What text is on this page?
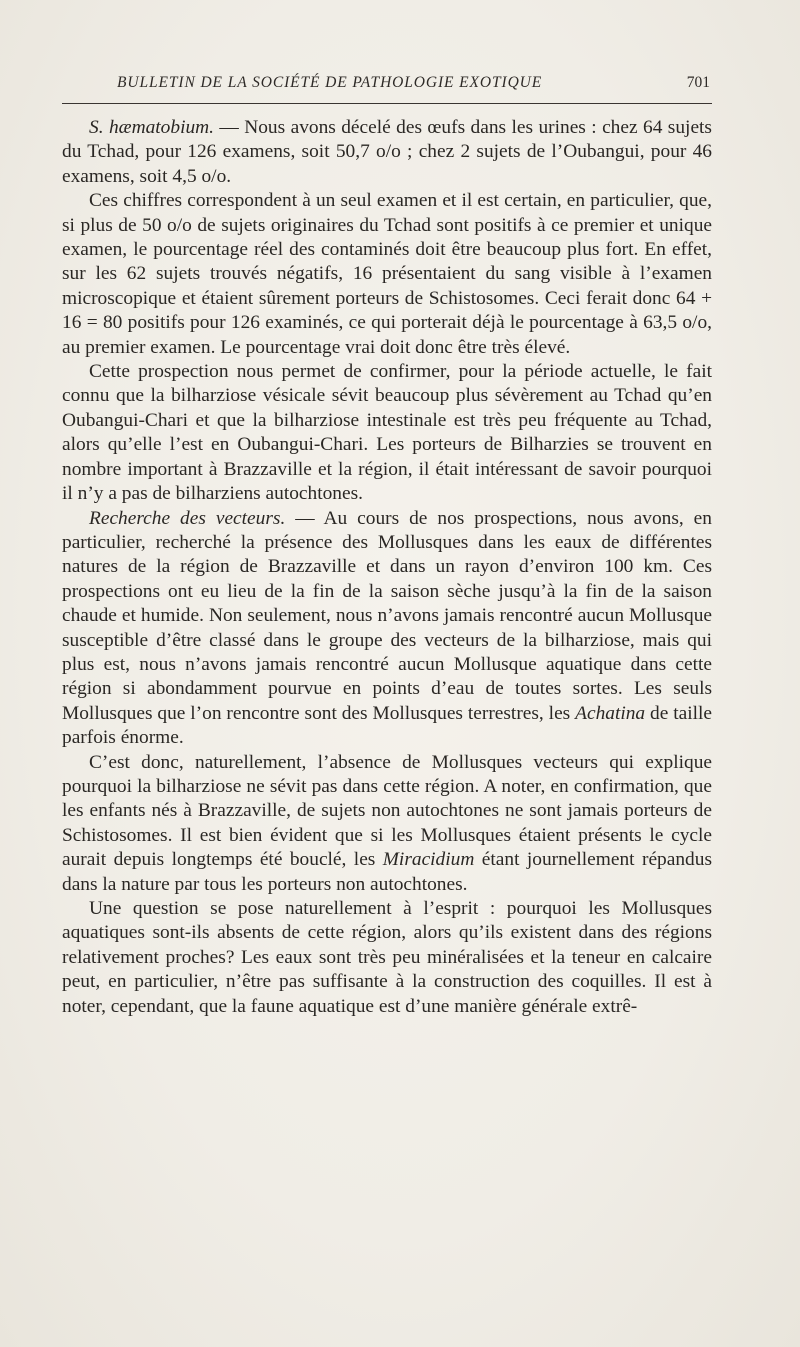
BULLETIN DE LA SOCIÉTÉ DE PATHOLOGIE EXOTIQUE	701

S. hæmatobium. — Nous avons décelé des œufs dans les urines : chez 64 sujets du Tchad, pour 126 examens, soit 50,7 o/o ; chez 2 sujets de l’Oubangui, pour 46 examens, soit 4,5 o/o.

Ces chiffres correspondent à un seul examen et il est certain, en particulier, que, si plus de 50 o/o de sujets originaires du Tchad sont positifs à ce premier et unique examen, le pourcentage réel des contaminés doit être beaucoup plus fort. En effet, sur les 62 sujets trouvés négatifs, 16 présentaient du sang visible à l’examen microscopique et étaient sûrement porteurs de Schistosomes. Ceci ferait donc 64 + 16 = 80 positifs pour 126 examinés, ce qui porterait déjà le pourcentage à 63,5 o/o, au premier examen. Le pourcentage vrai doit donc être très élevé.

Cette prospection nous permet de confirmer, pour la période actuelle, le fait connu que la bilharziose vésicale sévit beaucoup plus sévèrement au Tchad qu’en Oubangui-Chari et que la bilharziose intestinale est très peu fréquente au Tchad, alors qu’elle l’est en Oubangui-Chari. Les porteurs de Bilharzies se trouvent en nombre important à Brazzaville et la région, il était intéressant de savoir pourquoi il n’y a pas de bilharziens autochtones.

Recherche des vecteurs. — Au cours de nos prospections, nous avons, en particulier, recherché la présence des Mollusques dans les eaux de différentes natures de la région de Brazzaville et dans un rayon d’environ 100 km. Ces prospections ont eu lieu de la fin de la saison sèche jusqu’à la fin de la saison chaude et humide. Non seulement, nous n’avons jamais rencontré aucun Mollusque susceptible d’être classé dans le groupe des vecteurs de la bilharziose, mais qui plus est, nous n’avons jamais rencontré aucun Mollusque aquatique dans cette région si abondamment pourvue en points d’eau de toutes sortes. Les seuls Mollusques que l’on rencontre sont des Mollusques terrestres, les Achatina de taille parfois énorme.

C’est donc, naturellement, l’absence de Mollusques vecteurs qui explique pourquoi la bilharziose ne sévit pas dans cette région. A noter, en confirmation, que les enfants nés à Brazzaville, de sujets non autochtones ne sont jamais porteurs de Schistosomes. Il est bien évident que si les Mollusques étaient présents le cycle aurait depuis longtemps été bouclé, les Miracidium étant journellement répandus dans la nature par tous les porteurs non autochtones.

Une question se pose naturellement à l’esprit : pourquoi les Mollusques aquatiques sont-ils absents de cette région, alors qu’ils existent dans des régions relativement proches? Les eaux sont très peu minéralisées et la teneur en calcaire peut, en particulier, n’être pas suffisante à la construction des coquilles. Il est à noter, cependant, que la faune aquatique est d’une manière générale extrê-
